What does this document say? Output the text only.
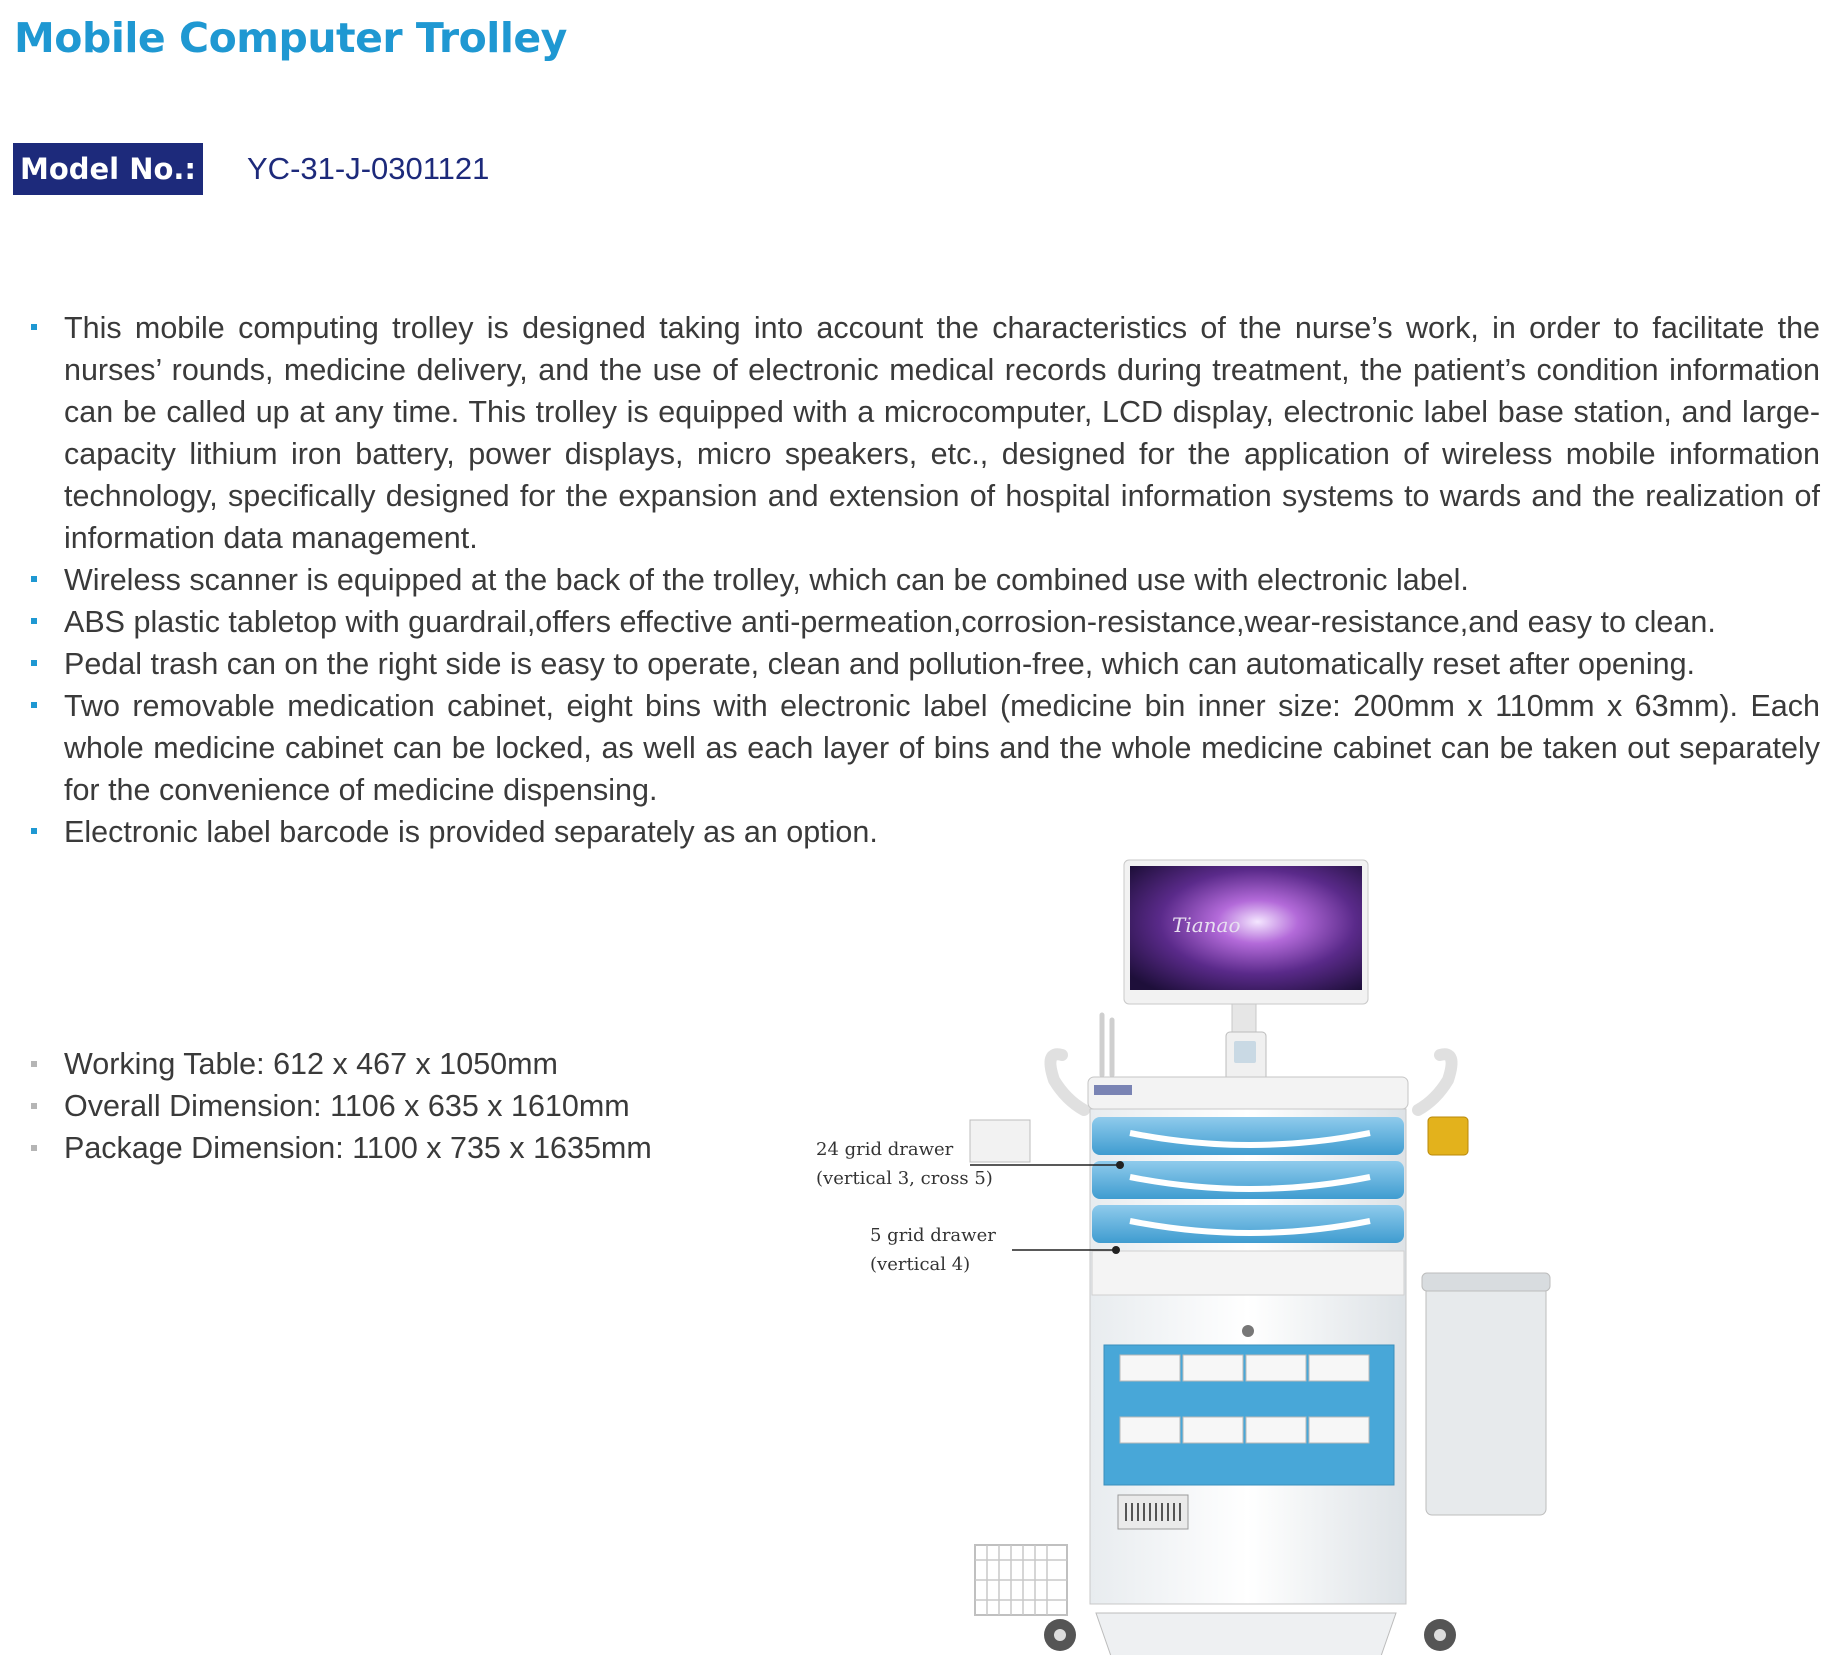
Mobile Computer Trolley
Model No.: YC-31-J-0301121
This mobile computing trolley is designed taking into account the characteristics of the nurse’s work, in order to facilitate the nurses’ rounds, medicine delivery, and the use of electronic medical records during treatment, the patient’s condition information can be called up at any time. This trolley is equipped with a microcomputer, LCD display, electronic label base station, and large-capacity lithium iron battery, power displays, micro speakers, etc., designed for the application of wireless mobile information technology, specifically designed for the expansion and extension of hospital information systems to wards and the realization of information data management.
Wireless scanner is equipped at the back of the trolley, which can be combined use with electronic label.
ABS plastic tabletop with guardrail,offers effective anti-permeation,corrosion-resistance,wear-resistance,and easy to clean.
Pedal trash can on the right side is easy to operate, clean and pollution-free, which can automatically reset after opening.
Two removable medication cabinet, eight bins with electronic label (medicine bin inner size: 200mm x 110mm x 63mm). Each whole medicine cabinet can be locked, as well as each layer of bins and the whole medicine cabinet can be taken out separately for the convenience of medicine dispensing.
Electronic label barcode is provided separately as an option.
Working Table: 612 x 467 x 1050mm
Overall Dimension: 1106 x 635 x 1610mm
Package Dimension: 1100 x 735 x 1635mm
Tianao
24 grid drawer
(vertical 3, cross 5)
5 grid drawer
(vertical 4)
